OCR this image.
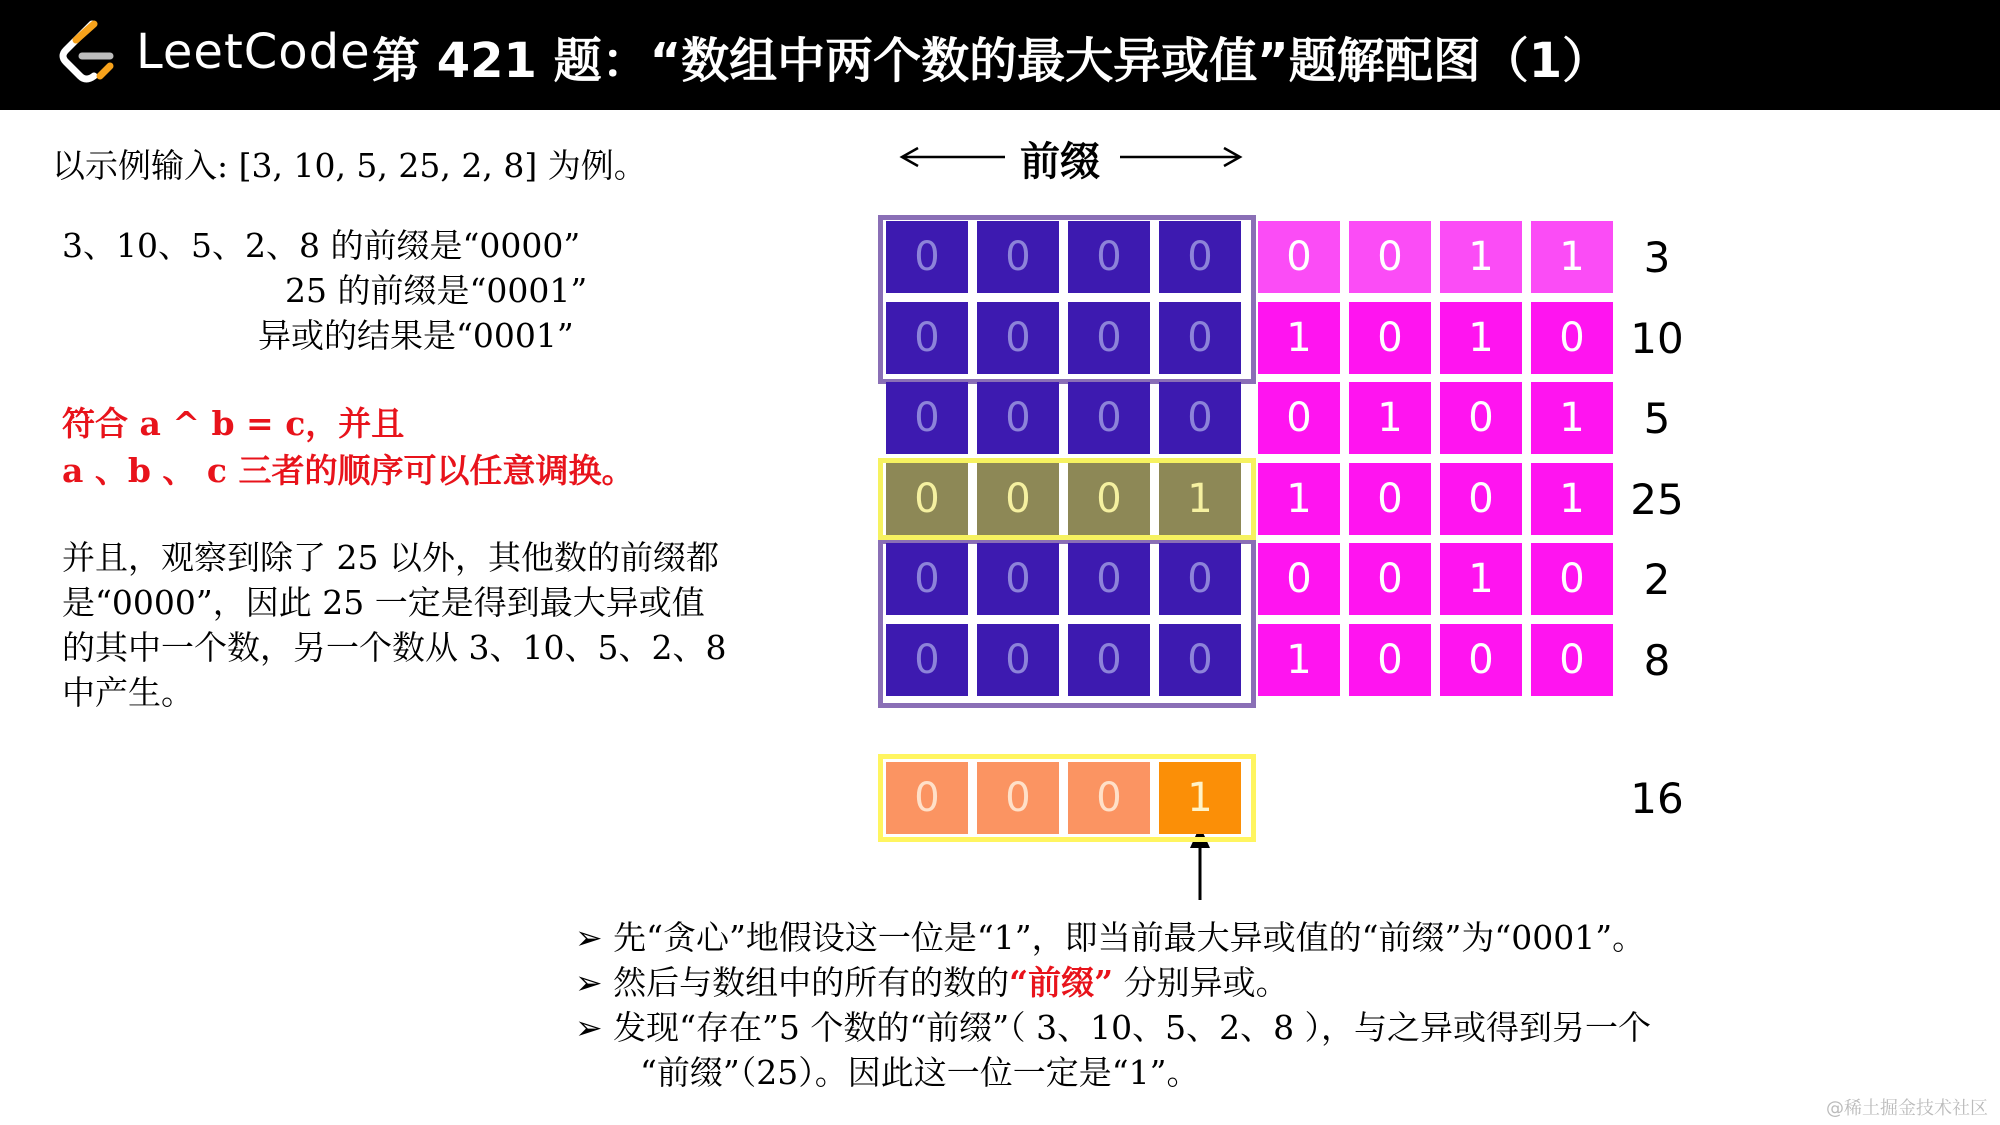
LeetCode 第 421 题：“数组中两个数的最大异或值”题解配图（1）
以示例输入: [3, 10, 5, 25, 2, 8] 为例。
3、10、5、2、8 的前缀是“0000”
25 的前缀是“0001”
异或的结果是“0001”
符合 a ^ b = c，并且
a 、b 、 c 三者的顺序可以任意调换。
并且，观察到除了 25 以外，其他数的前缀都
是“0000”，因此 25 一定是得到最大异或值
的其中一个数，另一个数从 3、10、5、2、8
中产生。
前缀
0	0	0	0	0	0	1	1	3
0	0	0	0	1	0	1	0	10
0	0	0	0	0	1	0	1	5
0	0	0	1	1	0	0	1	25
0	0	0	0	0	0	1	0	2
0	0	0	0	1	0	0	0	8
0	0	0	1	16
➢ 先“贪心”地假设这一位是“1”，即当前最大异或值的“前缀”为“0001”。
➢ 然后与数组中的所有的数的“前缀” 分别异或。
➢ 发现“存在”5 个数的“前缀”（ 3、10、5、2、8 ），与之异或得到另一个
“前缀”（25）。因此这一位一定是“1”。
@稀土掘金技术社区
